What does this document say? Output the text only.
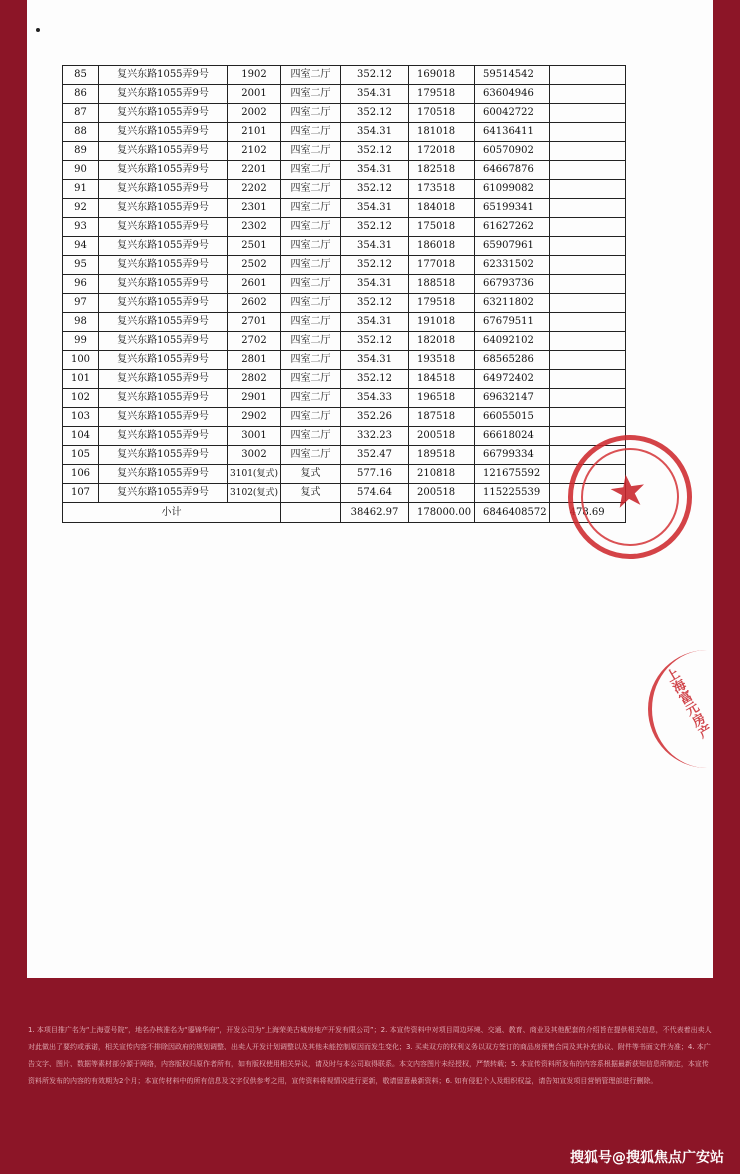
85	复兴东路1055弄9号	1902	四室二厅	352.12	169018	59514542	
86	复兴东路1055弄9号	2001	四室二厅	354.31	179518	63604946	
87	复兴东路1055弄9号	2002	四室二厅	352.12	170518	60042722	
88	复兴东路1055弄9号	2101	四室二厅	354.31	181018	64136411	
89	复兴东路1055弄9号	2102	四室二厅	352.12	172018	60570902	
90	复兴东路1055弄9号	2201	四室二厅	354.31	182518	64667876	
91	复兴东路1055弄9号	2202	四室二厅	352.12	173518	61099082	
92	复兴东路1055弄9号	2301	四室二厅	354.31	184018	65199341	
93	复兴东路1055弄9号	2302	四室二厅	352.12	175018	61627262	
94	复兴东路1055弄9号	2501	四室二厅	354.31	186018	65907961	
95	复兴东路1055弄9号	2502	四室二厅	352.12	177018	62331502	
96	复兴东路1055弄9号	2601	四室二厅	354.31	188518	66793736	
97	复兴东路1055弄9号	2602	四室二厅	352.12	179518	63211802	
98	复兴东路1055弄9号	2701	四室二厅	354.31	191018	67679511	
99	复兴东路1055弄9号	2702	四室二厅	352.12	182018	64092102	
100	复兴东路1055弄9号	2801	四室二厅	354.31	193518	68565286	
101	复兴东路1055弄9号	2802	四室二厅	352.12	184518	64972402	
102	复兴东路1055弄9号	2901	四室二厅	354.33	196518	69632147	
103	复兴东路1055弄9号	2902	四室二厅	352.26	187518	66055015	
104	复兴东路1055弄9号	3001	四室二厅	332.23	200518	66618024	
105	复兴东路1055弄9号	3002	四室二厅	352.47	189518	66799334	
106	复兴东路1055弄9号	3101(复式)	复式	577.16	210818	121675592	
107	复兴东路1055弄9号	3102(复式)	复式	574.64	200518	115225539	
小计				38462.97	178000.00	6846408572	478.69 ★
上海富元房产
1. 本项目推广名为“上海壹号院”，地名办核准名为“鎏锦华府”，开发公司为“上海荣美古城房地产开发有限公司”；2. 本宣传资料中对项目周边环境、交通、教育、商业及其他配套的介绍旨在提供相关信息，不代表着出卖人对此做出了要约或承诺，相关宣传内容不排除因政府的规划调整、出卖人开发计划调整以及其他未能控制原因而发生变化；3. 买卖双方的权利义务以双方签订的商品房预售合同及其补充协议、附件等书面文件为准；4. 本广告文字、图片、数据等素材部分源于网络，内容版权归原作者所有，如有版权使用相关异议，请及时与本公司取得联系。本文内容图片未经授权，严禁转载；5. 本宣传资料所发布的内容系根据最新获知信息所制定，本宣传资料所发布的内容的有效期为2个月；本宣传材料中的所有信息及文字仅供参考之用，宣传资料将视情况进行更新，敬请留意最新资料；6. 如有侵犯个人及组织权益，请告知宣发项目营销管理部进行删除。
搜狐号@搜狐焦点广安站
